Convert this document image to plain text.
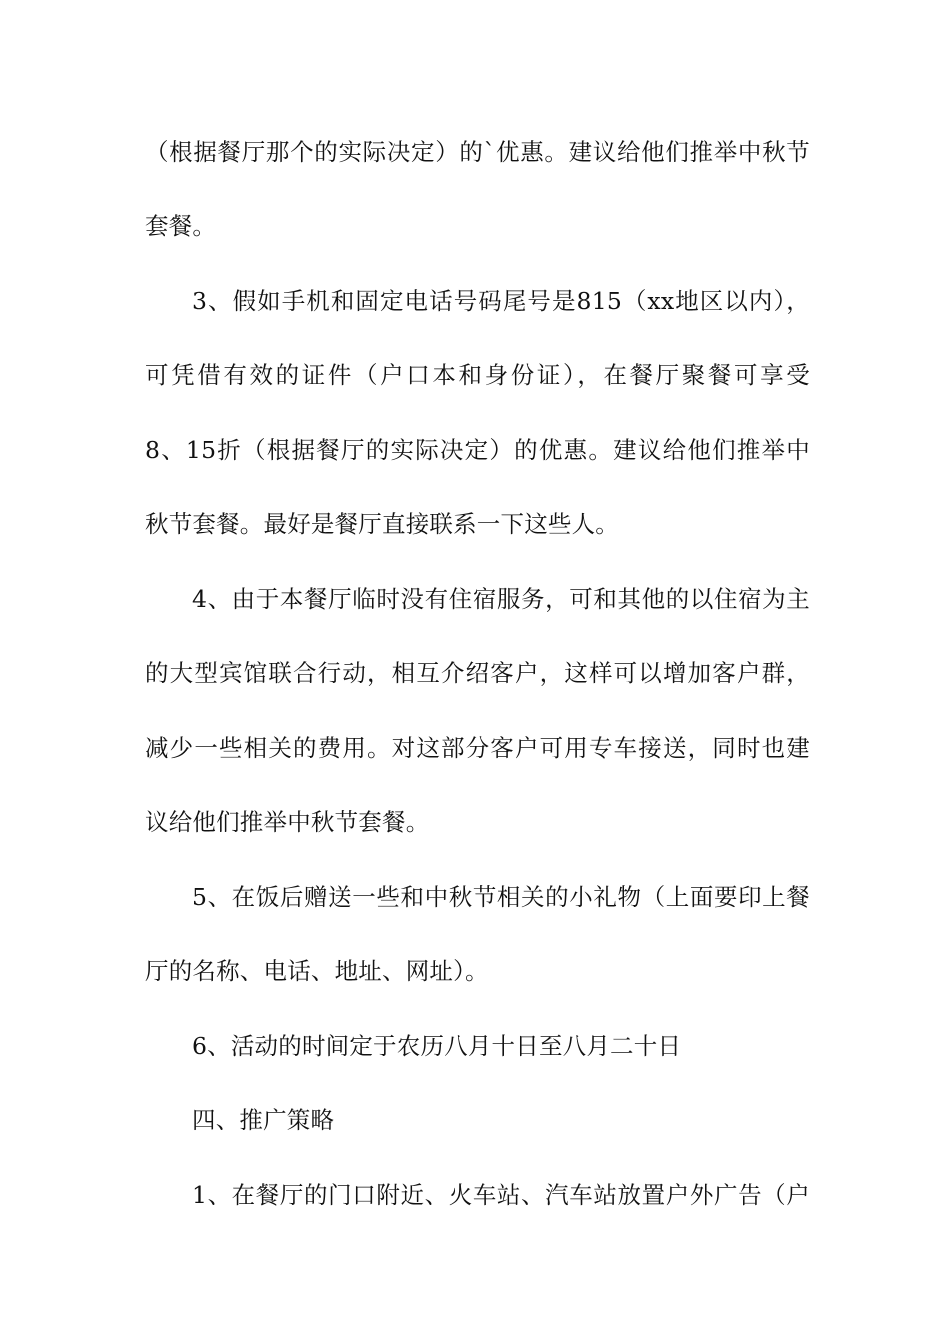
（根据餐厅那个的实际决定）的`优惠。建议给他们推举中秋节
套餐。
3、假如手机和固定电话号码尾号是815（xx地区以内），
可凭借有效的证件（户口本和身份证），在餐厅聚餐可享受
8、15折（根据餐厅的实际决定）的优惠。建议给他们推举中
秋节套餐。最好是餐厅直接联系一下这些人。
4、由于本餐厅临时没有住宿服务，可和其他的以住宿为主
的大型宾馆联合行动，相互介绍客户，这样可以增加客户群，
减少一些相关的费用。对这部分客户可用专车接送，同时也建
议给他们推举中秋节套餐。
5、在饭后赠送一些和中秋节相关的小礼物（上面要印上餐
厅的名称、电话、地址、网址）。
6、活动的时间定于农历八月十日至八月二十日
四、推广策略
1、在餐厅的门口附近、火车站、汽车站放置户外广告（户
